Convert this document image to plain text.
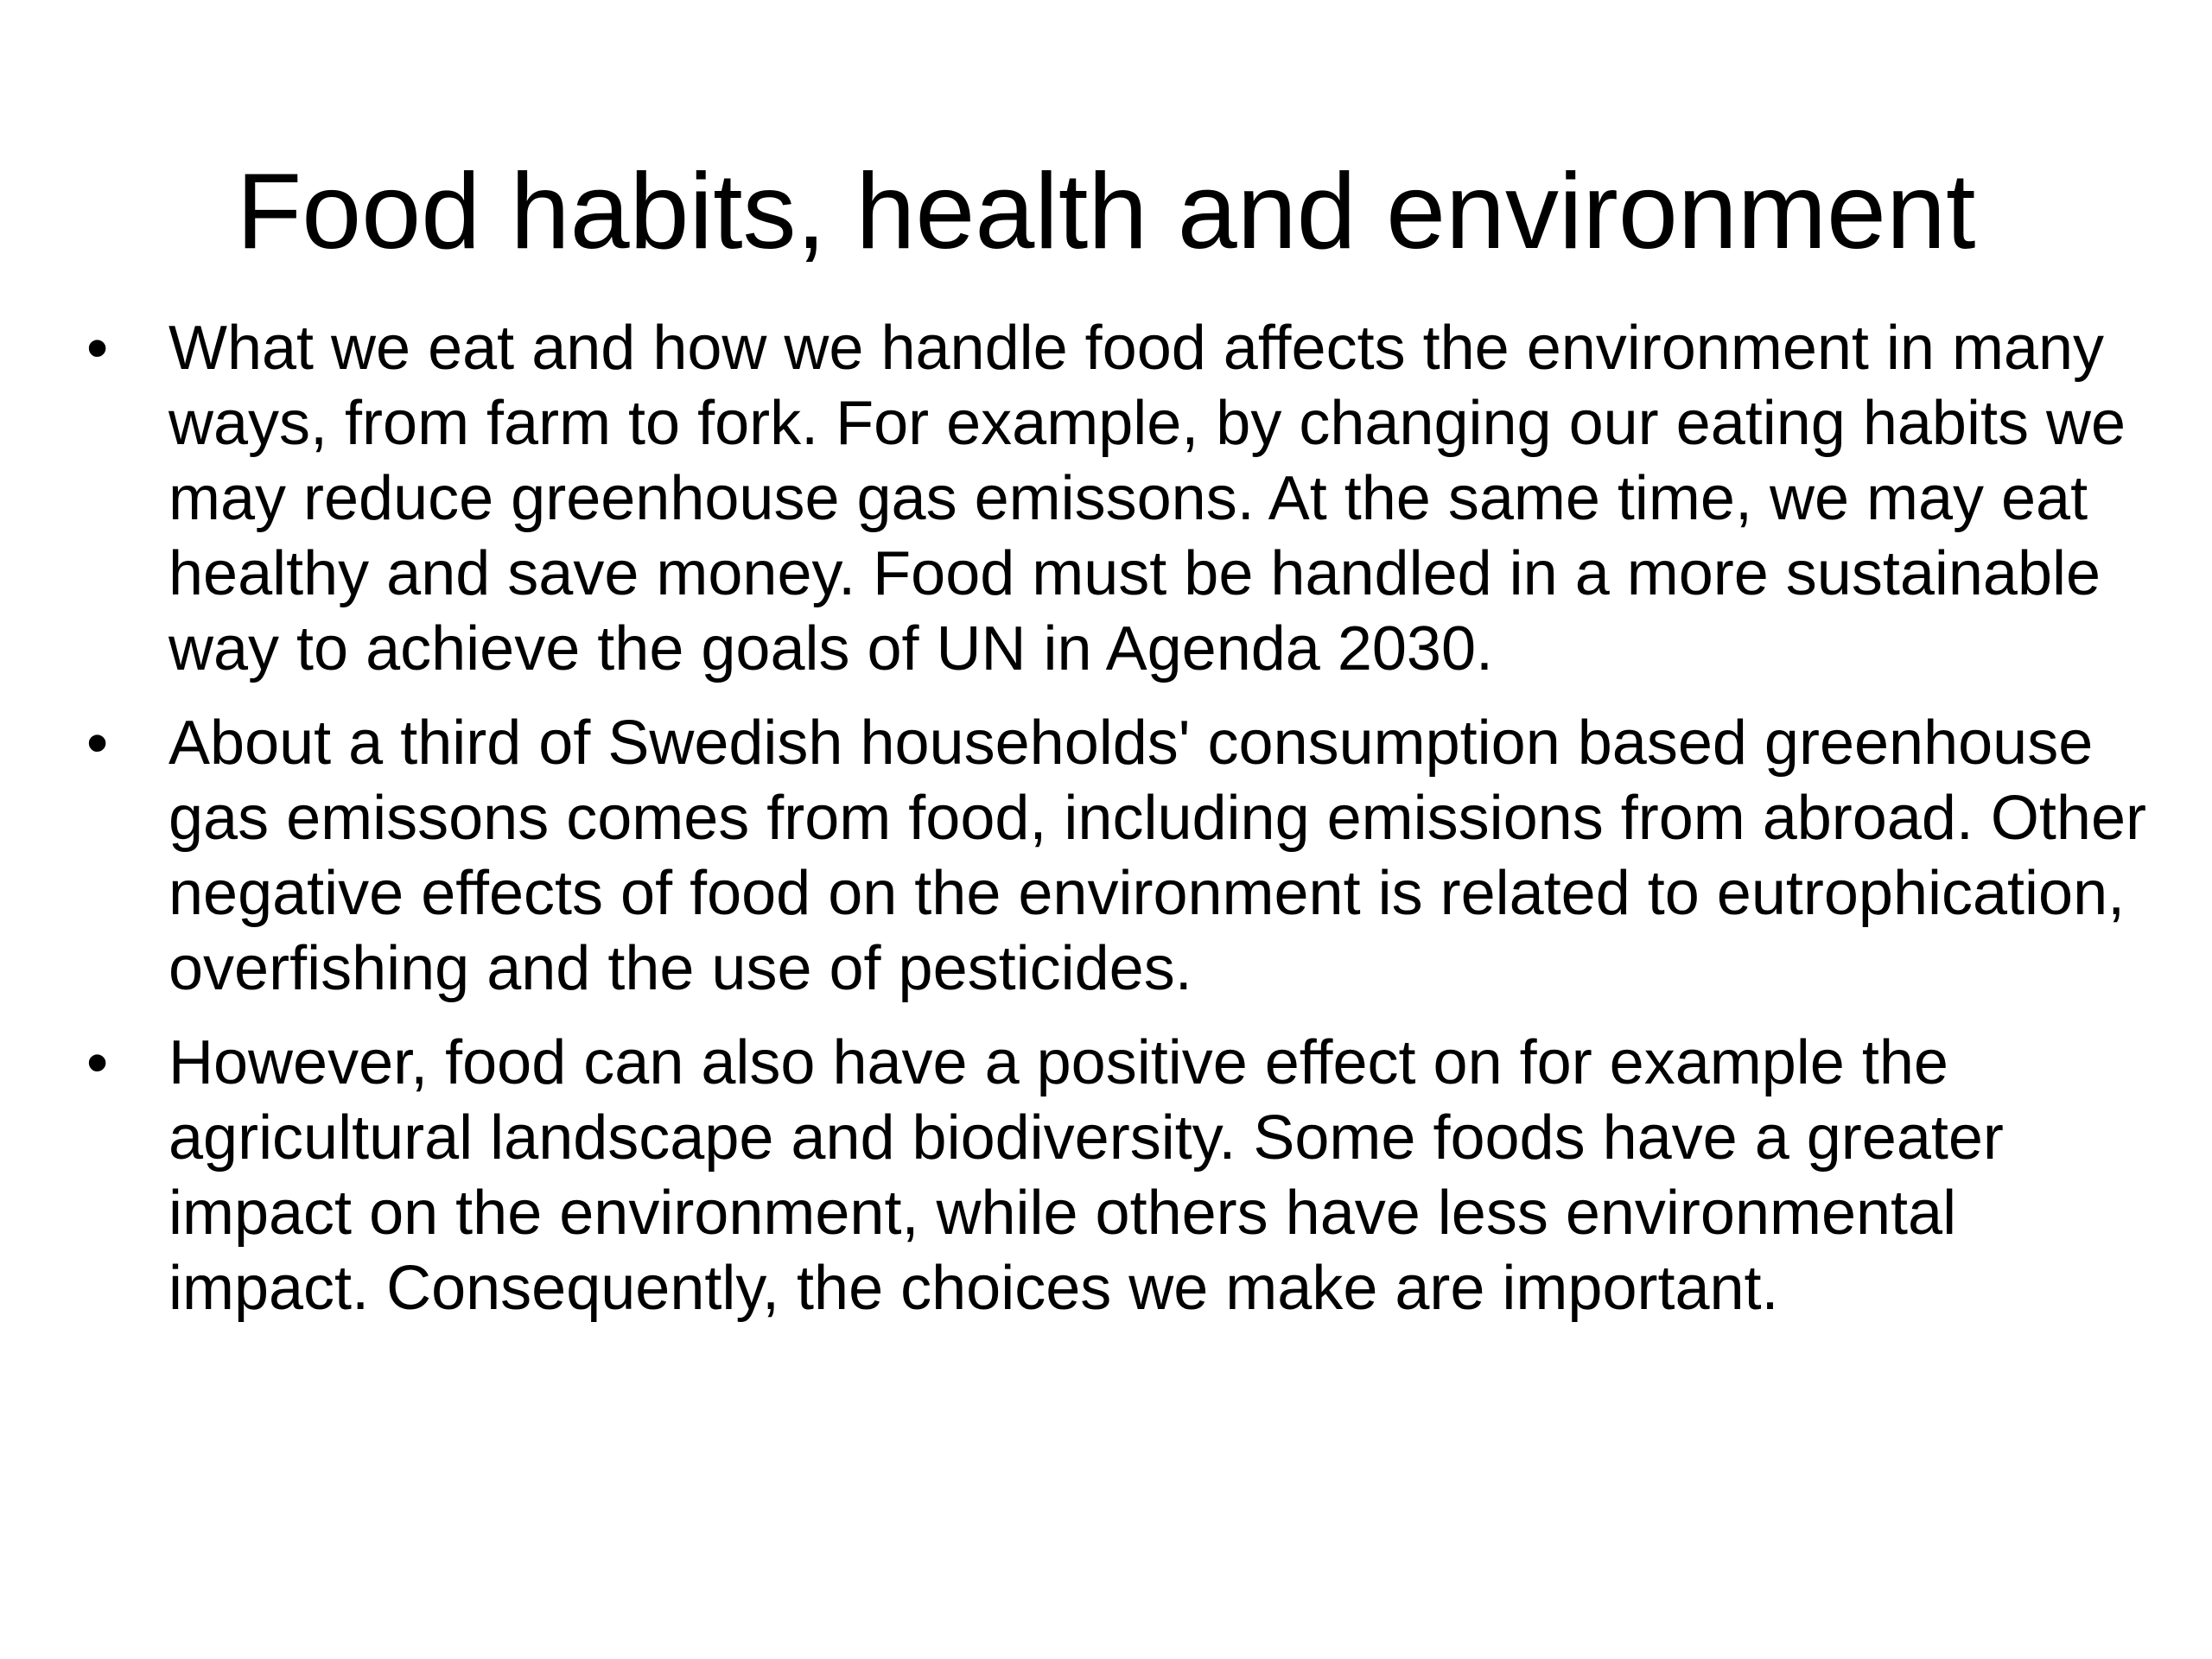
Food habits, health and environment
• What we eat and how we handle food affects the environment in many ways, from farm to fork. For example, by changing our eating habits we may reduce greenhouse gas emissons. At the same time, we may eat healthy and save money. Food must be handled in a more sustainable way to achieve the goals of UN in Agenda 2030.
• About a third of Swedish households' consumption based greenhouse gas emissons comes from food, including emissions from abroad. Other negative effects of food on the environment is related to eutrophication, overfishing and the use of pesticides.
• However, food can also have a positive effect on for example the agricultural landscape and biodiversity. Some foods have a greater impact on the environment, while others have less environmental impact. Consequently, the choices we make are important.
